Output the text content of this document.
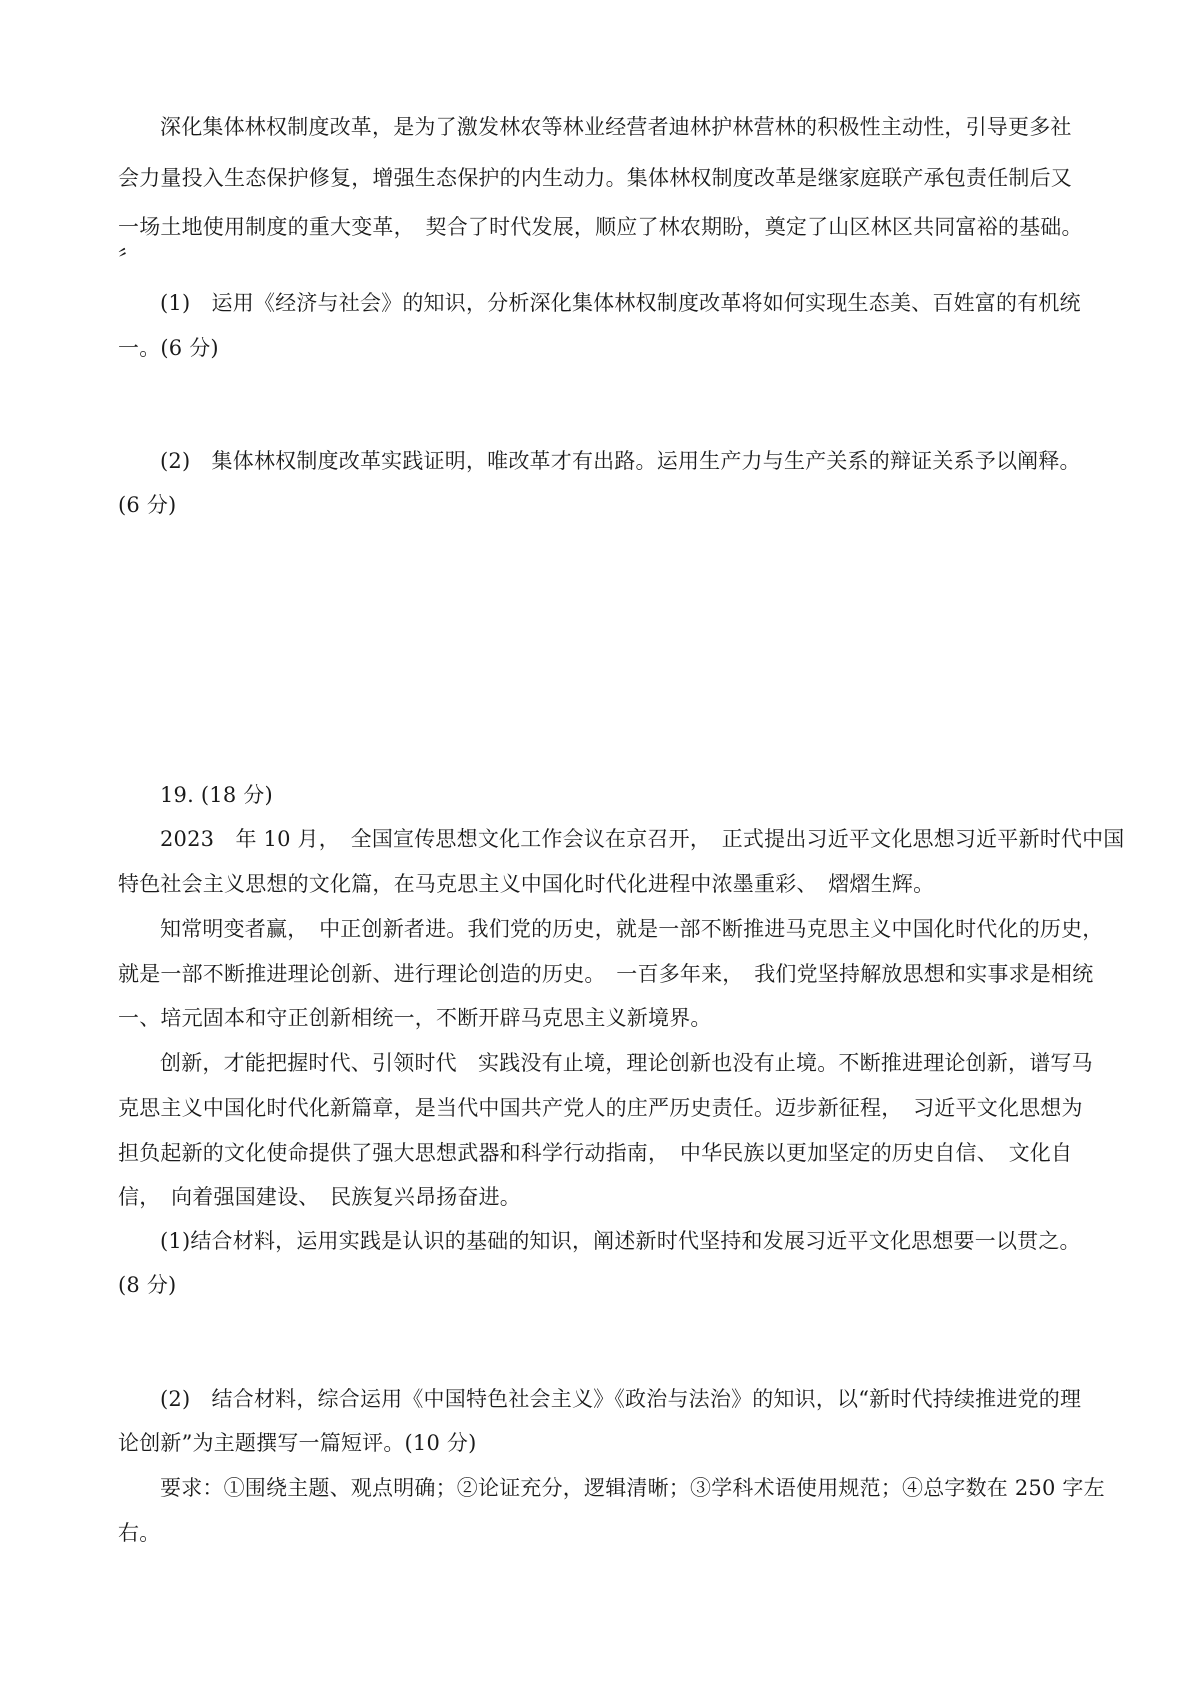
深化集体林权制度改革，是为了激发林农等林业经营者迪林护林营林的积极性主动性，引导更多社
会力量投入生态保护修复，增强生态保护的内生动力。集体林权制度改革是继家庭联产承包责任制后又
一场土地使用制度的重大变革，　契合了时代发展，顺应了林农期盼，奠定了山区林区共同富裕的基础。
〞
(1)　运用《经济与社会》的知识，分析深化集体林权制度改革将如何实现生态美、百姓富的有机统
一。(6 分)
(2)　集体林权制度改革实践证明，唯改革才有出路。运用生产力与生产关系的辩证关系予以阐释。
(6 分)
19. (18 分)
2023　年 10 月，　全国宣传思想文化工作会议在京召开，　正式提出习近平文化思想习近平新时代中国
特色社会主义思想的文化篇，在马克思主义中国化时代化进程中浓墨重彩、　熠熠生辉。
知常明变者赢，　中正创新者进。我们党的历史，就是一部不断推进马克思主义中国化时代化的历史，
就是一部不断推进理论创新、进行理论创造的历史。　一百多年来，　我们党坚持解放思想和实事求是相统
一、培元固本和守正创新相统一，不断开辟马克思主义新境界。
创新，才能把握时代、引领时代　实践没有止境，理论创新也没有止境。不断推进理论创新，谱写马
克思主义中国化时代化新篇章，是当代中国共产党人的庄严历史责任。迈步新征程，　习近平文化思想为
担负起新的文化使命提供了强大思想武器和科学行动指南，　中华民族以更加坚定的历史自信、　文化自
信，　向着强国建设、　民族复兴昂扬奋进。
(1)结合材料，运用实践是认识的基础的知识，阐述新时代坚持和发展习近平文化思想要一以贯之。
(8 分)
(2)　结合材料，综合运用《中国特色社会主义》《政治与法治》的知识，以“新时代持续推进党的理
论创新”为主题撰写一篇短评。(10 分)
要求：①围绕主题、观点明确；②论证充分，逻辑清晰；③学科术语使用规范；④总字数在 250 字左
右。
